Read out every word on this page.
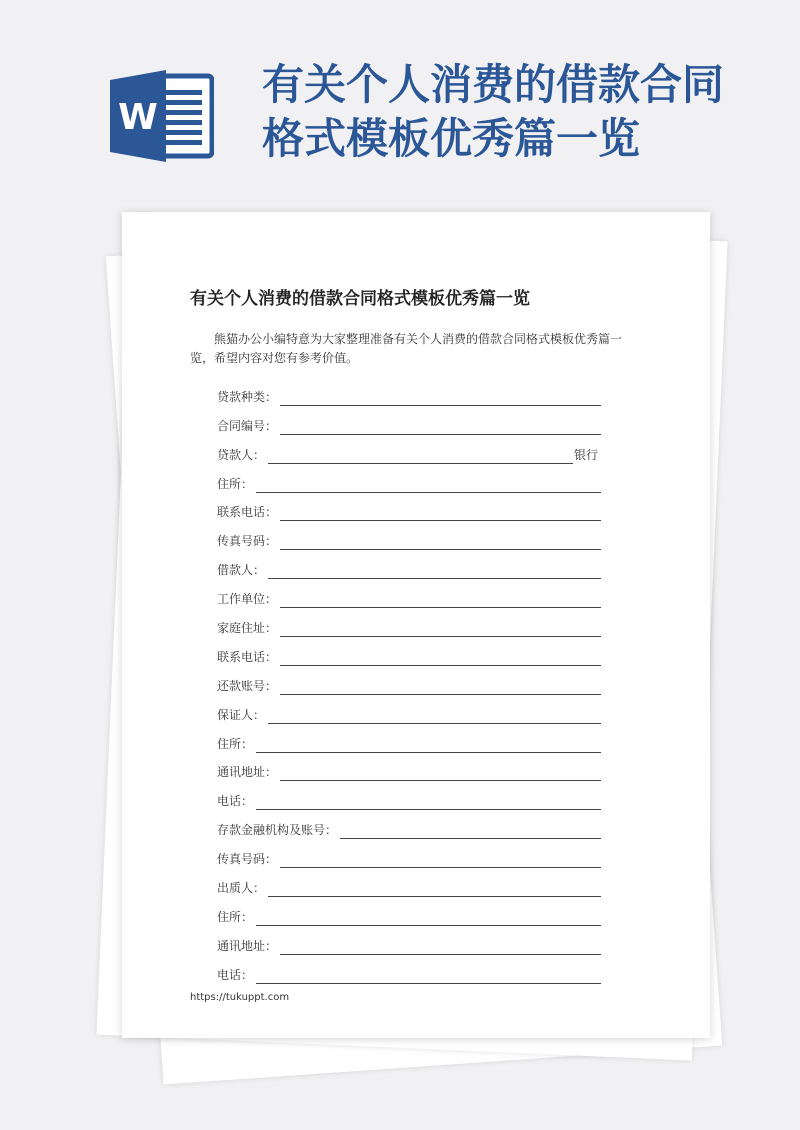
W
有关个人消费的借款合同格式模板优秀篇一览
有关个人消费的借款合同格式模板优秀篇一览

熊猫办公小编特意为大家整理准备有关个人消费的借款合同格式模板优秀篇一览，希望内容对您有参考价值。

贷款种类：
合同编号：
贷款人：	银行
住所：
联系电话：
传真号码：
借款人：
工作单位：
家庭住址：
联系电话：
还款账号：
保证人：
住所：
通讯地址：
电话：
存款金融机构及账号：
传真号码：
出质人：
住所：
通讯地址：
电话：

https://tukuppt.com
